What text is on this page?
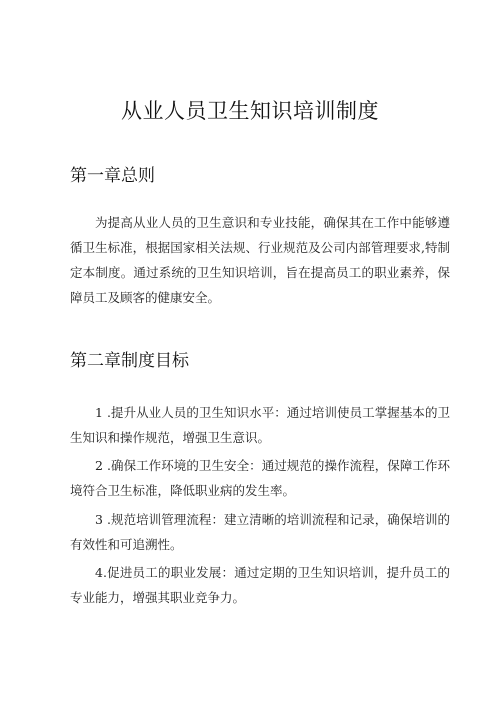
从业人员卫生知识培训制度
第一章总则

为提高从业人员的卫生意识和专业技能，确保其在工作中能够遵循卫生标准，根据国家相关法规、行业规范及公司内部管理要求,特制定本制度。通过系统的卫生知识培训，旨在提高员工的职业素养，保障员工及顾客的健康安全。

第二章制度目标

1 .提升从业人员的卫生知识水平：通过培训使员工掌握基本的卫生知识和操作规范，增强卫生意识。

2 .确保工作环境的卫生安全：通过规范的操作流程，保障工作环境符合卫生标准，降低职业病的发生率。

3 .规范培训管理流程：建立清晰的培训流程和记录，确保培训的有效性和可追溯性。

4.促进员工的职业发展：通过定期的卫生知识培训，提升员工的专业能力，增强其职业竞争力。
